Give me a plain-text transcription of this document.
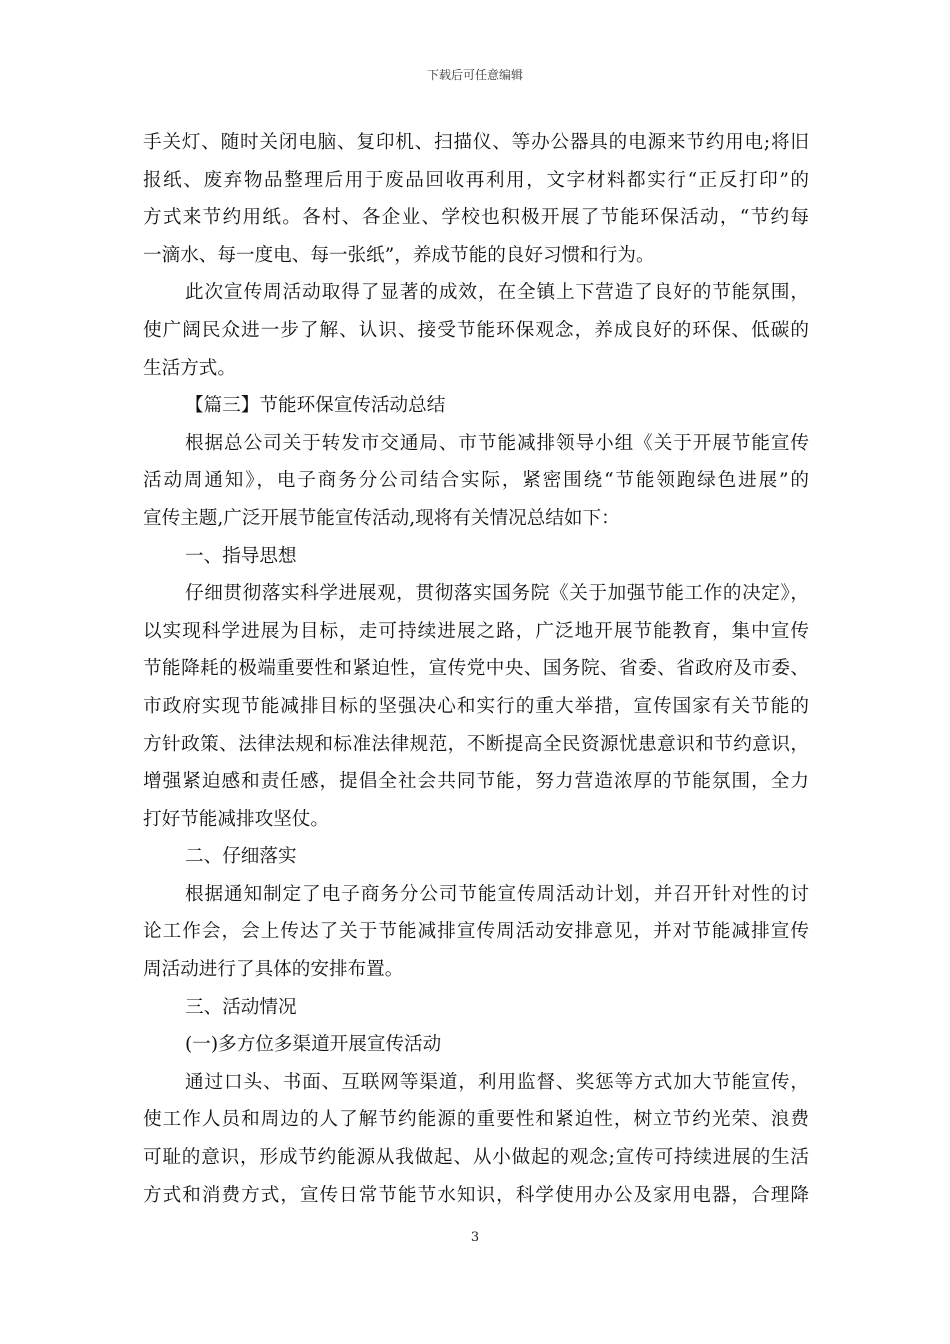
下载后可任意编辑
手关灯、随时关闭电脑、复印机、扫描仪、等办公器具的电源来节约用电;将旧
报纸、废弃物品整理后用于废品回收再利用，文字材料都实行“正反打印”的
方式来节约用纸。各村、各企业、学校也积极开展了节能环保活动，“节约每
一滴水、每一度电、每一张纸”，养成节能的良好习惯和行为。
此次宣传周活动取得了显著的成效，在全镇上下营造了良好的节能氛围，
使广阔民众进一步了解、认识、接受节能环保观念，养成良好的环保、低碳的
生活方式。
【篇三】节能环保宣传活动总结
根据总公司关于转发市交通局、市节能减排领导小组《关于开展节能宣传
活动周通知》，电子商务分公司结合实际，紧密围绕“节能领跑绿色进展”的
宣传主题,广泛开展节能宣传活动,现将有关情况总结如下：
一、指导思想
仔细贯彻落实科学进展观，贯彻落实国务院《关于加强节能工作的决定》，
以实现科学进展为目标，走可持续进展之路，广泛地开展节能教育，集中宣传
节能降耗的极端重要性和紧迫性，宣传党中央、国务院、省委、省政府及市委、
市政府实现节能减排目标的坚强决心和实行的重大举措，宣传国家有关节能的
方针政策、法律法规和标准法律规范，不断提高全民资源忧患意识和节约意识，
增强紧迫感和责任感，提倡全社会共同节能，努力营造浓厚的节能氛围，全力
打好节能减排攻坚仗。
二、仔细落实
根据通知制定了电子商务分公司节能宣传周活动计划，并召开针对性的讨
论工作会，会上传达了关于节能减排宣传周活动安排意见，并对节能减排宣传
周活动进行了具体的安排布置。
三、活动情况
(一)多方位多渠道开展宣传活动
通过口头、书面、互联网等渠道，利用监督、奖惩等方式加大节能宣传，
使工作人员和周边的人了解节约能源的重要性和紧迫性，树立节约光荣、浪费
可耻的意识，形成节约能源从我做起、从小做起的观念;宣传可持续进展的生活
方式和消费方式，宣传日常节能节水知识，科学使用办公及家用电器，合理降
3
